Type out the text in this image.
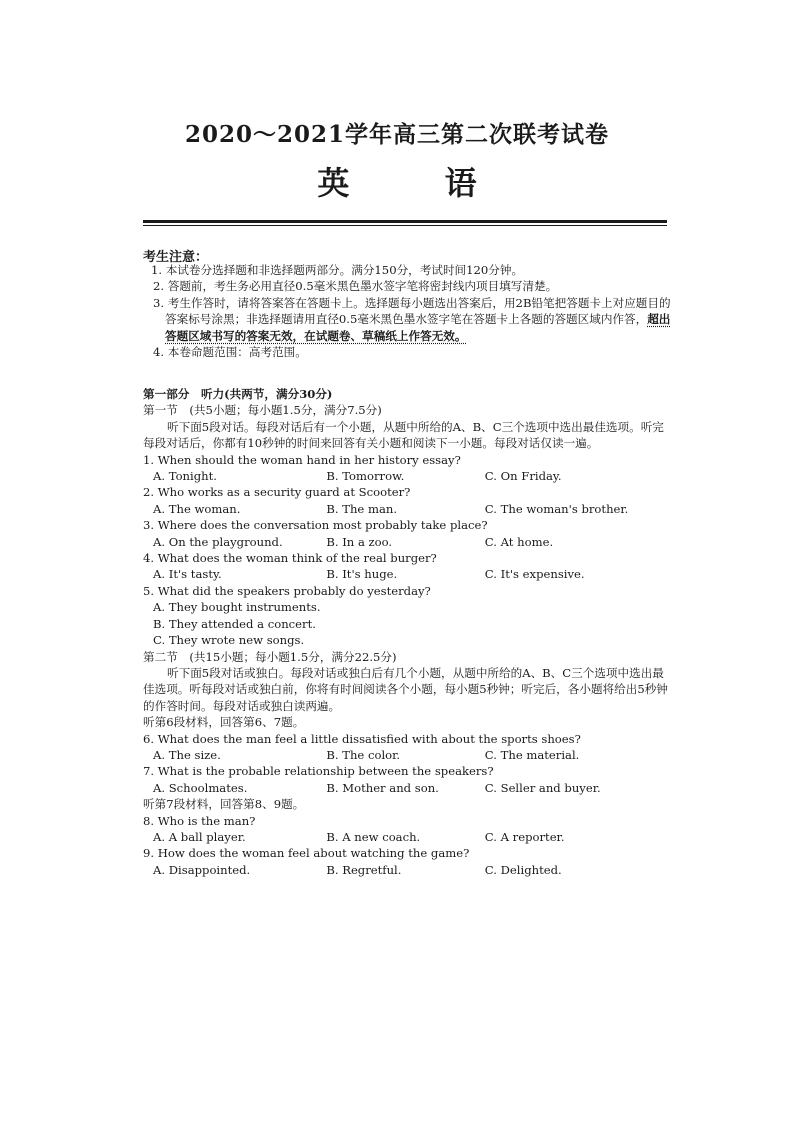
2020～2021学年高三第二次联考试卷
英 语
考生注意：

1. 本试卷分选择题和非选择题两部分。满分150分，考试时间120分钟。

2. 答题前，考生务必用直径0.5毫米黑色墨水签字笔将密封线内项目填写清楚。

3. 考生作答时，请将答案答在答题卡上。选择题每小题选出答案后，用2B铅笔把答题卡上对应题目的答案标号涂黑；非选择题请用直径0.5毫米黑色墨水签字笔在答题卡上各题的答题区域内作答，超出答题区域书写的答案无效，在试题卷、草稿纸上作答无效。

4. 本卷命题范围：高考范围。

第一部分　听力(共两节，满分30分)

第一节　(共5小题；每小题1.5分，满分7.5分)

听下面5段对话。每段对话后有一个小题，从题中所给的A、B、C三个选项中选出最佳选项。听完每段对话后，你都有10秒钟的时间来回答有关小题和阅读下一小题。每段对话仅读一遍。

1. When should the woman hand in her history essay?

A. Tonight.	B. Tomorrow.	C. On Friday.

2. Who works as a security guard at Scooter?

A. The woman.	B. The man.	C. The woman's brother.

3. Where does the conversation most probably take place?

A. On the playground.	B. In a zoo.	C. At home.

4. What does the woman think of the real burger?

A. It's tasty.	B. It's huge.	C. It's expensive.

5. What did the speakers probably do yesterday?

A. They bought instruments.

B. They attended a concert.

C. They wrote new songs.

第二节　(共15小题；每小题1.5分，满分22.5分)

听下面5段对话或独白。每段对话或独白后有几个小题，从题中所给的A、B、C三个选项中选出最佳选项。听每段对话或独白前，你将有时间阅读各个小题，每小题5秒钟；听完后，各小题将给出5秒钟的作答时间。每段对话或独白读两遍。

听第6段材料，回答第6、7题。

6. What does the man feel a little dissatisfied with about the sports shoes?

A. The size.	B. The color.	C. The material.

7. What is the probable relationship between the speakers?

A. Schoolmates.	B. Mother and son.	C. Seller and buyer.

听第7段材料，回答第8、9题。

8. Who is the man?

A. A ball player.	B. A new coach.	C. A reporter.

9. How does the woman feel about watching the game?

A. Disappointed.	B. Regretful.	C. Delighted.
